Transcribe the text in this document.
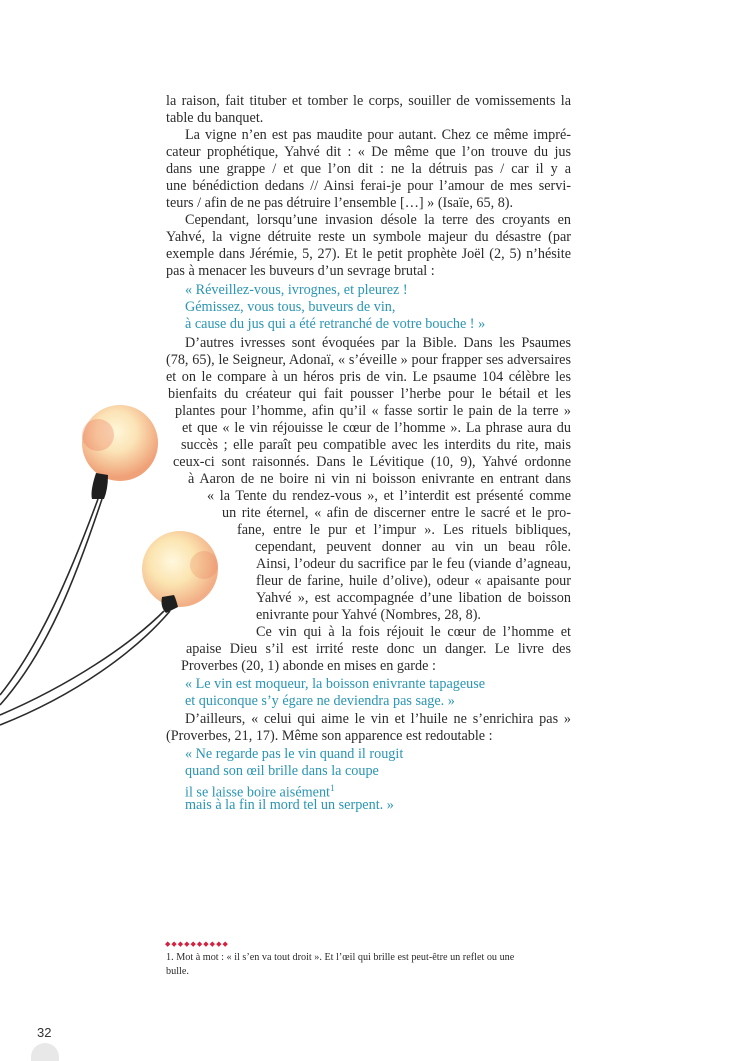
la raison, fait tituber et tomber le corps, souiller de vomissements la
table du banquet.
La vigne n’en est pas maudite pour autant. Chez ce même impré-
cateur prophétique, Yahvé dit : « De même que l’on trouve du jus
dans une grappe / et que l’on dit : ne la détruis pas / car il y a
une bénédiction dedans // Ainsi ferai-je pour l’amour de mes servi-
teurs / afin de ne pas détruire l’ensemble […] » (Isaïe, 65, 8).
Cependant, lorsqu’une invasion désole la terre des croyants en
Yahvé, la vigne détruite reste un symbole majeur du désastre (par
exemple dans Jérémie, 5, 27). Et le petit prophète Joël (2, 5) n’hésite
pas à menacer les buveurs d’un sevrage brutal :
« Réveillez-vous, ivrognes, et pleurez !
Gémissez, vous tous, buveurs de vin,
à cause du jus qui a été retranché de votre bouche ! »
D’autres ivresses sont évoquées par la Bible. Dans les Psaumes
(78, 65), le Seigneur, Adonaï, « s’éveille » pour frapper ses adversaires
et on le compare à un héros pris de vin. Le psaume 104 célèbre les
bienfaits du créateur qui fait pousser l’herbe pour le bétail et les
plantes pour l’homme, afin qu’il « fasse sortir le pain de la terre »
et que « le vin réjouisse le cœur de l’homme ». La phrase aura du
succès ; elle paraît peu compatible avec les interdits du rite, mais
ceux-ci sont raisonnés. Dans le Lévitique (10, 9), Yahvé ordonne
à Aaron de ne boire ni vin ni boisson enivrante en entrant dans
« la Tente du rendez-vous », et l’interdit est présenté comme
un rite éternel, « afin de discerner entre le sacré et le pro-
fane, entre le pur et l’impur ». Les rituels bibliques,
cependant, peuvent donner au vin un beau rôle.
Ainsi, l’odeur du sacrifice par le feu (viande d’agneau,
fleur de farine, huile d’olive), odeur « apaisante pour
Yahvé », est accompagnée d’une libation de boisson
enivrante pour Yahvé (Nombres, 28, 8).
Ce vin qui à la fois réjouit le cœur de l’homme et
apaise Dieu s’il est irrité reste donc un danger. Le livre des
Proverbes (20, 1) abonde en mises en garde :
« Le vin est moqueur, la boisson enivrante tapageuse
et quiconque s’y égare ne deviendra pas sage. »
D’ailleurs, « celui qui aime le vin et l’huile ne s’enrichira pas »
(Proverbes, 21, 17). Même son apparence est redoutable :
« Ne regarde pas le vin quand il rougit
quand son œil brille dans la coupe
il se laisse boire aisément$^1$
mais à la fin il mord tel un serpent. »
◆◆◆◆◆◆◆◆◆◆
1. Mot à mot : « il s’en va tout droit ». Et l’œil qui brille est peut-être un reflet ou une
bulle.
32
